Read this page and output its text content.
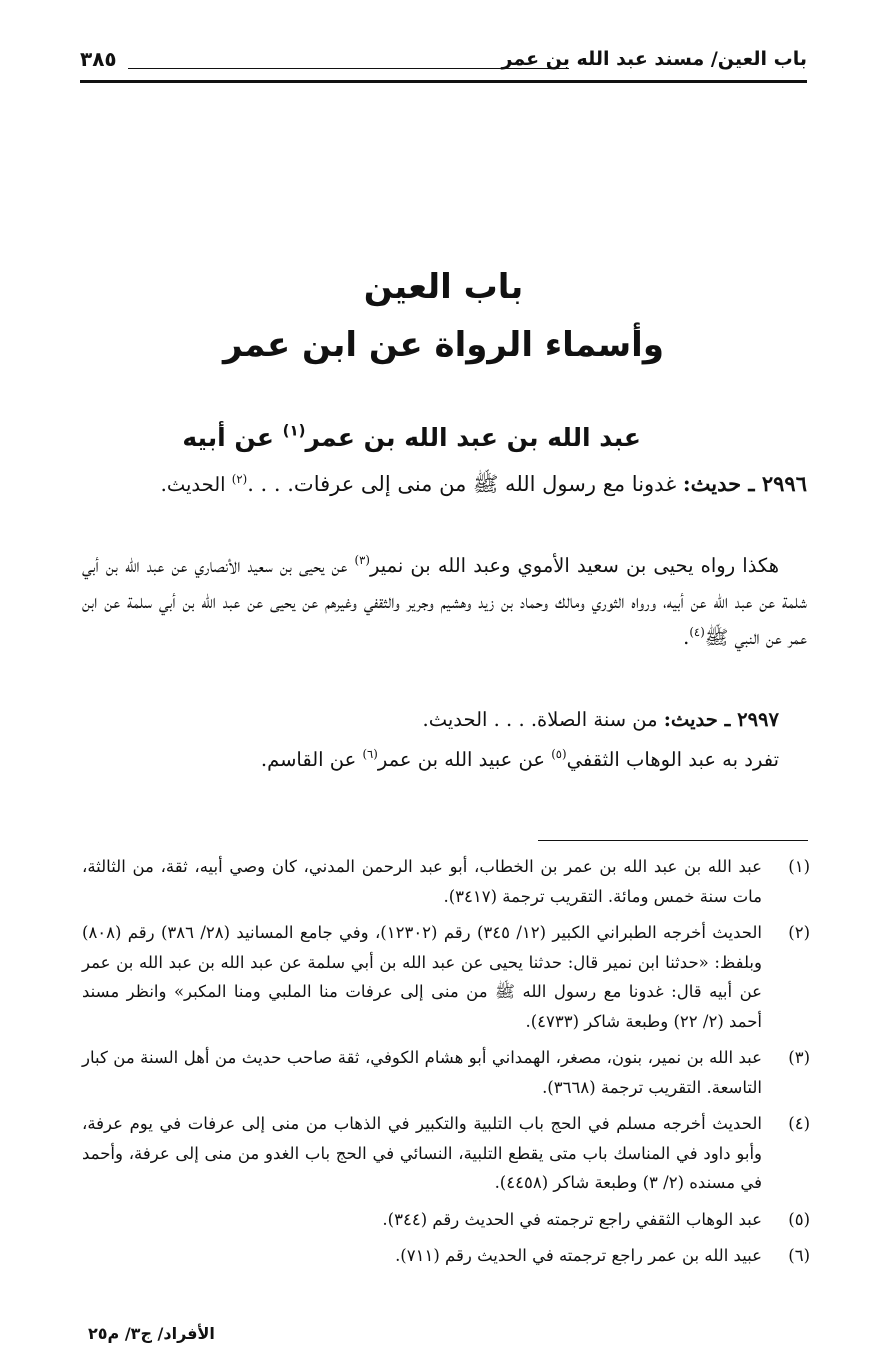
باب العين/ مسند عبد الله بن عمر
٣٨٥
باب العين
وأسماء الرواة عن ابن عمر
عبد الله بن عبد الله بن عمر$^{(١)}$ عن أبيه
٢٩٩٦ ـ حديث: غدونا مع رسول الله ﷺ من منى إلى عرفات. . . .$^{(٢)}$ الحديث.
هكذا رواه يحيى بن سعيد الأموي وعبد الله بن نمير$^{(٣)}$ عن يحيى بن سعيد الأنصاري عن عبد الله بن أبي شلمة عن عبد الله عن أبيه، ورواه الثوري ومالك وحماد بن زيد وهشيم وجرير والثقفي وغيرهم عن يحيى عن عبد الله بن أبي سلمة عن ابن عمر عن النبي ﷺ$^{(٤)}$.
٢٩٩٧ ـ حديث: من سنة الصلاة. . . . الحديث.
تفرد به عبد الوهاب الثقفي$^{(٥)}$ عن عبيد الله بن عمر$^{(٦)}$ عن القاسم.
(١)
عبد الله بن عبد الله بن عمر بن الخطاب، أبو عبد الرحمن المدني، كان وصي أبيه، ثقة، من الثالثة، مات سنة خمس ومائة. التقريب ترجمة (٣٤١٧).
(٢)
الحديث أخرجه الطبراني الكبير (١٢/ ٣٤٥) رقم (١٢٣٠٢)، وفي جامع المسانيد (٢٨/ ٣٨٦) رقم (٨٠٨) وبلفظ: «حدثنا ابن نمير قال: حدثنا يحيى عن عبد الله بن أبي سلمة عن عبد الله بن عبد الله بن عمر عن أبيه قال: غدونا مع رسول الله ﷺ من منى إلى عرفات منا الملبي ومنا المكبر» وانظر مسند أحمد (٢/ ٢٢) وطبعة شاكر (٤٧٣٣).
(٣)
عبد الله بن نمير، بنون، مصغر، الهمداني أبو هشام الكوفي، ثقة صاحب حديث من أهل السنة من كبار التاسعة. التقريب ترجمة (٣٦٦٨).
(٤)
الحديث أخرجه مسلم في الحج باب التلبية والتكبير في الذهاب من منى إلى عرفات في يوم عرفة، وأبو داود في المناسك باب متى يقطع التلبية، النسائي في الحج باب الغدو من منى إلى عرفة، وأحمد في مسنده (٢/ ٣) وطبعة شاكر (٤٤٥٨).
(٥)
عبد الوهاب الثقفي راجع ترجمته في الحديث رقم (٣٤٤).
(٦)
عبيد الله بن عمر راجع ترجمته في الحديث رقم (٧١١).
الأفراد/ ج٣/ م٢٥
